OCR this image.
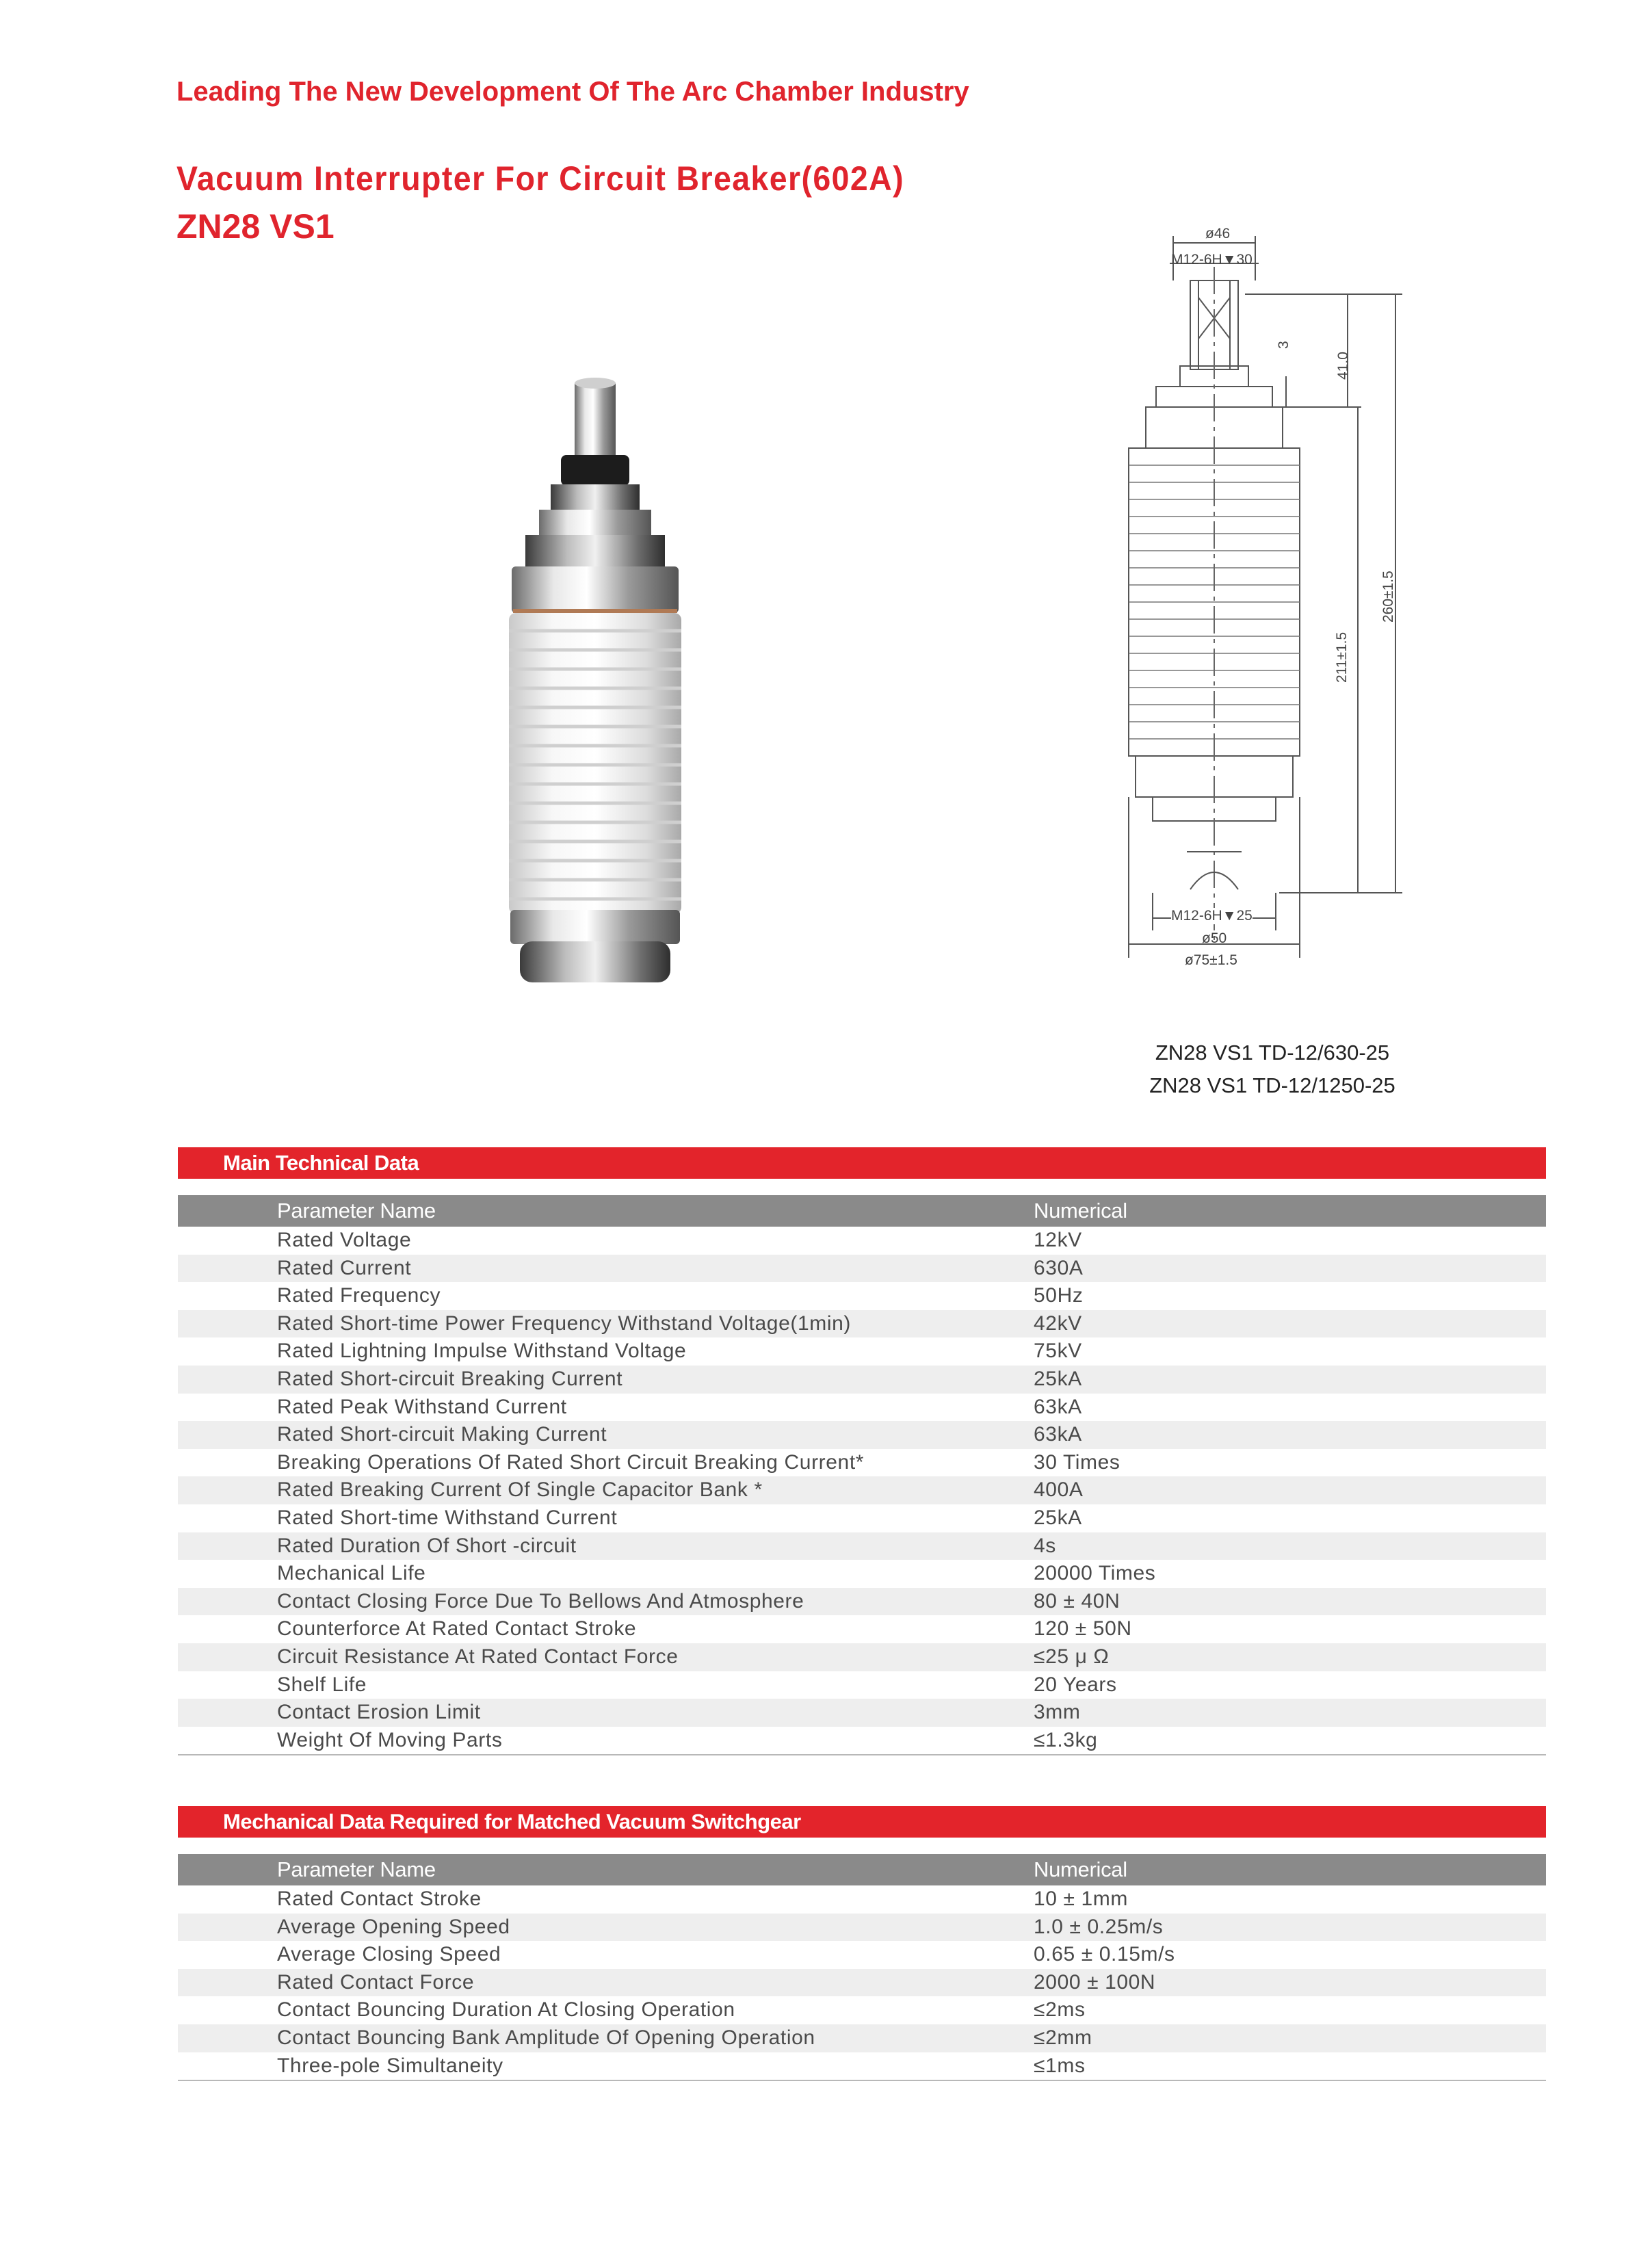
Leading The New Development Of The Arc Chamber Industry
Vacuum Interrupter For Circuit Breaker(602A)
ZN28 VS1	ø46
M12-6H▼30
3
41.0
260±1.5
211±1.5
M12-6H▼25
ø50
ø75±1.5
ZN28 VS1 TD-12/630-25
ZN28 VS1 TD-12/1250-25
Main Technical Data
Parameter Name	Numerical
Rated Voltage	12kV
Rated Current	630A
Rated Frequency	50Hz
Rated Short-time Power Frequency Withstand Voltage(1min)	42kV
Rated Lightning Impulse Withstand Voltage	75kV
Rated Short-circuit Breaking Current	25kA
Rated Peak Withstand Current	63kA
Rated Short-circuit Making Current	63kA
Breaking Operations Of Rated Short Circuit Breaking Current*	30 Times
Rated Breaking Current Of Single Capacitor Bank *	400A
Rated Short-time Withstand Current	25kA
Rated Duration Of Short -circuit	4s
Mechanical Life	20000 Times
Contact Closing Force Due To Bellows And Atmosphere	80 ± 40N
Counterforce At Rated Contact Stroke	120 ± 50N
Circuit Resistance At Rated Contact Force	≤25 μ Ω
Shelf Life	20 Years
Contact Erosion Limit	3mm
Weight Of Moving Parts	≤1.3kg
Mechanical Data Required for Matched Vacuum Switchgear
Parameter Name	Numerical
Rated Contact Stroke	10 ± 1mm
Average Opening Speed	1.0 ± 0.25m/s
Average Closing Speed	0.65 ± 0.15m/s
Rated Contact Force	2000 ± 100N
Contact Bouncing Duration At Closing Operation	≤2ms
Contact Bouncing Bank Amplitude Of Opening Operation	≤2mm
Three-pole Simultaneity	≤1ms
